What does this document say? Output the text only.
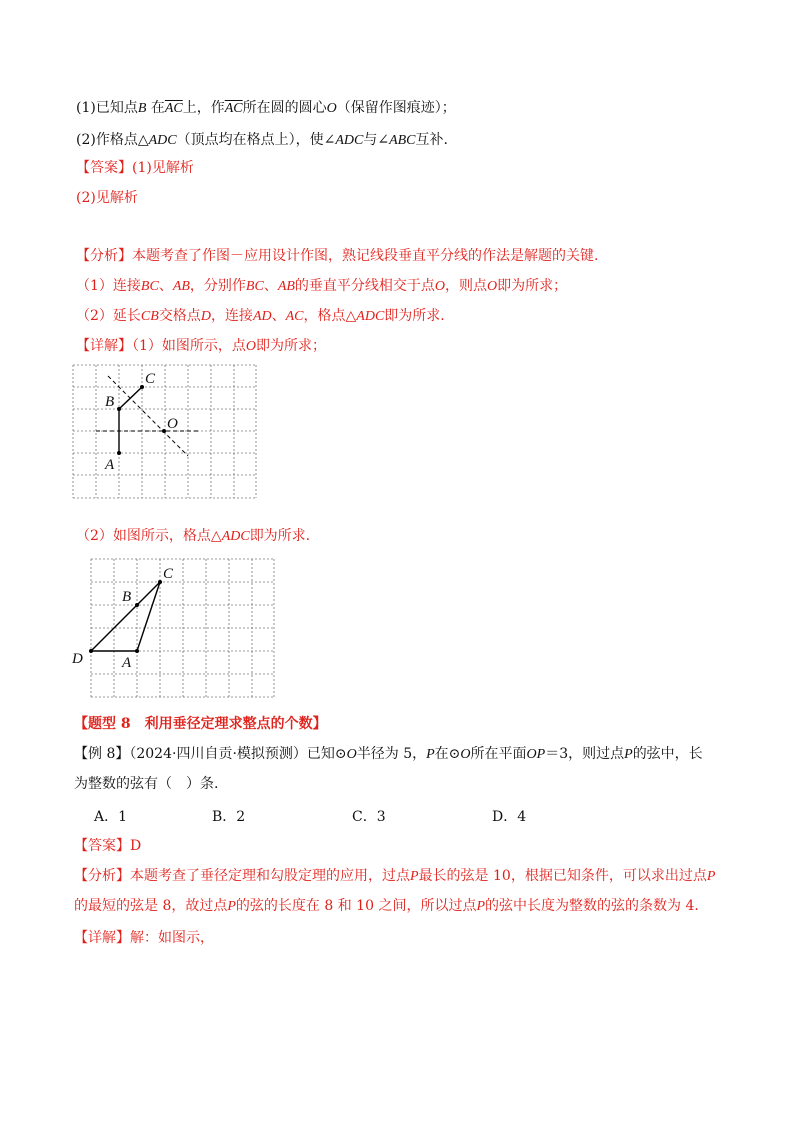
(1)已知点B 在$\overline{AC}$上，作$\overline{AC}$所在圆的圆心O（保留作图痕迹）；
(2)作格点△ADC（顶点均在格点上），使∠ADC与∠ABC互补.
【答案】(1)见解析
(2)见解析
【分析】本题考查了作图－应用设计作图，熟记线段垂直平分线的作法是解题的关键.
（1）连接BC、AB，分别作BC、AB的垂直平分线相交于点O，则点O即为所求；
（2）延长CB交格点D，连接AD、AC，格点△ADC即为所求.
【详解】（1）如图所示，点O即为所求；
C
B
O
A
（2）如图所示，格点△ADC即为所求.
C
B
D	A
【题型 8　利用垂径定理求整点的个数】
【例 8】（2024·四川自贡·模拟预测）已知⊙O半径为 5，P在⊙O所在平面OP＝3，则过点P的弦中，长
为整数的弦有（　）条.
A．1	B．2	C．3	D．4
【答案】D
【分析】本题考查了垂径定理和勾股定理的应用，过点P最长的弦是 10，根据已知条件，可以求出过点P
的最短的弦是 8，故过点P的弦的长度在 8 和 10 之间，所以过点P的弦中长度为整数的弦的条数为 4.
【详解】解：如图示，
